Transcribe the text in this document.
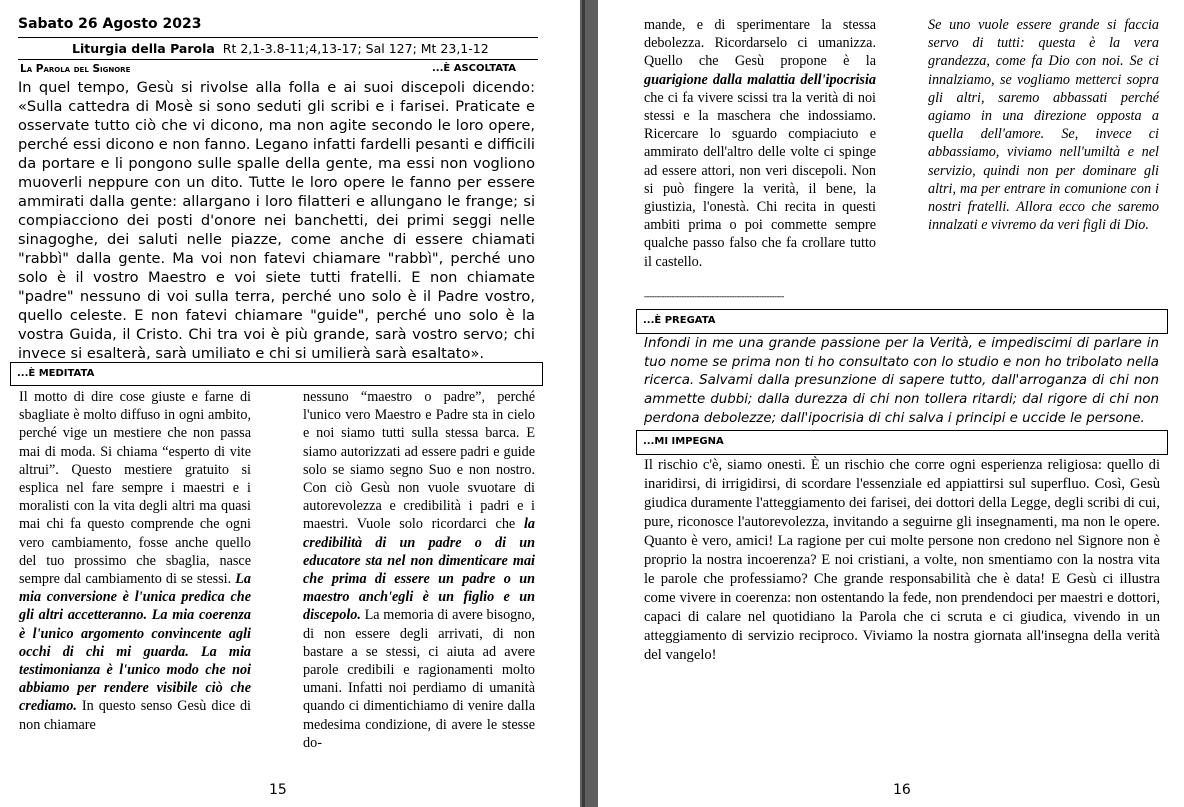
Sabato 26 Agosto 2023
Liturgia della Parola Rt 2,1-3.8-11;4,13-17; Sal 127; Mt 23,1-12
La Parola del Signore	...È ASCOLTATA
In quel tempo, Gesù si rivolse alla folla e ai suoi discepoli dicendo: «Sulla cattedra di Mosè si sono seduti gli scribi e i farisei. Praticate e osservate tutto ciò che vi dicono, ma non agite secondo le loro opere, perché essi dicono e non fanno. Legano infatti fardelli pesanti e difficili da portare e li pongono sulle spalle della gente, ma essi non vogliono muoverli neppure con un dito. Tutte le loro opere le fanno per essere ammirati dalla gente: allargano i loro filatteri e allungano le frange; si compiacciono dei posti d'onore nei banchetti, dei primi seggi nelle sinagoghe, dei saluti nelle piazze, come anche di essere chiamati "rabbì" dalla gente. Ma voi non fatevi chiamare "rabbì", perché uno solo è il vostro Maestro e voi siete tutti fratelli. E non chiamate "padre" nessuno di voi sulla terra, perché uno solo è il Padre vostro, quello celeste. E non fatevi chiamare "guide", perché uno solo è la vostra Guida, il Cristo. Chi tra voi è più grande, sarà vostro servo; chi invece si esalterà, sarà umiliato e chi si umilierà sarà esaltato».
...È MEDITATA
Il motto di dire cose giuste e farne di sbagliate è molto diffuso in ogni ambito, perché vige un mestiere che non passa mai di moda. Si chiama “esperto di vite altrui”. Questo mestiere gratuito si esplica nel fare sempre i maestri e i moralisti con la vita degli altri ma quasi mai chi fa questo comprende che ogni vero cambiamento, fosse anche quello del tuo prossimo che sbaglia, nasce sempre dal cambiamento di se stessi. La mia conversione è l'unica predica che gli altri accetteranno. La mia coerenza è l'unico argomento convincente agli occhi di chi mi guarda. La mia testimonianza è l'unico modo che noi abbiamo per rendere visibile ciò che crediamo. In questo senso Gesù dice di non chiamare
nessuno “maestro o padre”, perché l'unico vero Maestro e Padre sta in cielo e noi siamo tutti sulla stessa barca. E siamo autorizzati ad essere padri e guide solo se siamo segno Suo e non nostro. Con ciò Gesù non vuole svuotare di autorevolezza e credibilità i padri e i maestri. Vuole solo ricordarci che la credibilità di un padre o di un educatore sta nel non dimenticare mai che prima di essere un padre o un maestro anch'egli è un figlio e un discepolo. La memoria di avere bisogno, di non essere degli arrivati, di non bastare a se stessi, ci aiuta ad avere parole credibili e ragionamenti molto umani. Infatti noi perdiamo di umanità quando ci dimentichiamo di venire dalla medesima condizione, di avere le stesse do-
15
mande, e di sperimentare la stessa debolezza. Ricordarselo ci umanizza. Quello che Gesù propone è la guarigione dalla malattia dell'ipocrisia che ci fa vivere scissi tra la verità di noi stessi e la maschera che indossiamo. Ricercare lo sguardo compiaciuto e ammirato dell'altro delle volte ci spinge ad essere attori, non veri discepoli. Non si può fingere la verità, il bene, la giustizia, l'onestà. Chi recita in questi ambiti prima o poi commette sempre qualche passo falso che fa crollare tutto il castello.
--------------------------------------------------------
Se uno vuole essere grande si faccia servo di tutti: questa è la vera grandezza, come fa Dio con noi. Se ci innalziamo, se vogliamo metterci sopra gli altri, saremo abbassati perché agiamo in una direzione opposta a quella dell'amore. Se, invece ci abbassiamo, viviamo nell'umiltà e nel servizio, quindi non per dominare gli altri, ma per entrare in comunione con i nostri fratelli. Allora ecco che saremo innalzati e vivremo da veri figli di Dio.
...È PREGATA
Infondi in me una grande passione per la Verità, e impediscimi di parlare in tuo nome se prima non ti ho consultato con lo studio e non ho tribolato nella ricerca. Salvami dalla presunzione di sapere tutto, dall'arroganza di chi non ammette dubbi; dalla durezza di chi non tollera ritardi; dal rigore di chi non perdona debolezze; dall'ipocrisia di chi salva i principi e uccide le persone.
...MI IMPEGNA
Il rischio c'è, siamo onesti. È un rischio che corre ogni esperienza religiosa: quello di inaridirsi, di irrigidirsi, di scordare l'essenziale ed appiattirsi sul superfluo. Così, Gesù giudica duramente l'atteggiamento dei farisei, dei dottori della Legge, degli scribi di cui, pure, riconosce l'autorevolezza, invitando a seguirne gli insegnamenti, ma non le opere. Quanto è vero, amici! La ragione per cui molte persone non credono nel Signore non è proprio la nostra incoerenza? E noi cristiani, a volte, non smentiamo con la nostra vita le parole che professiamo? Che grande responsabilità che è data! E Gesù ci illustra come vivere in coerenza: non ostentando la fede, non prendendoci per maestri e dottori, capaci di calare nel quotidiano la Parola che ci scruta e ci giudica, vivendo in un atteggiamento di servizio reciproco. Viviamo la nostra giornata all'insegna della verità del vangelo!
16
